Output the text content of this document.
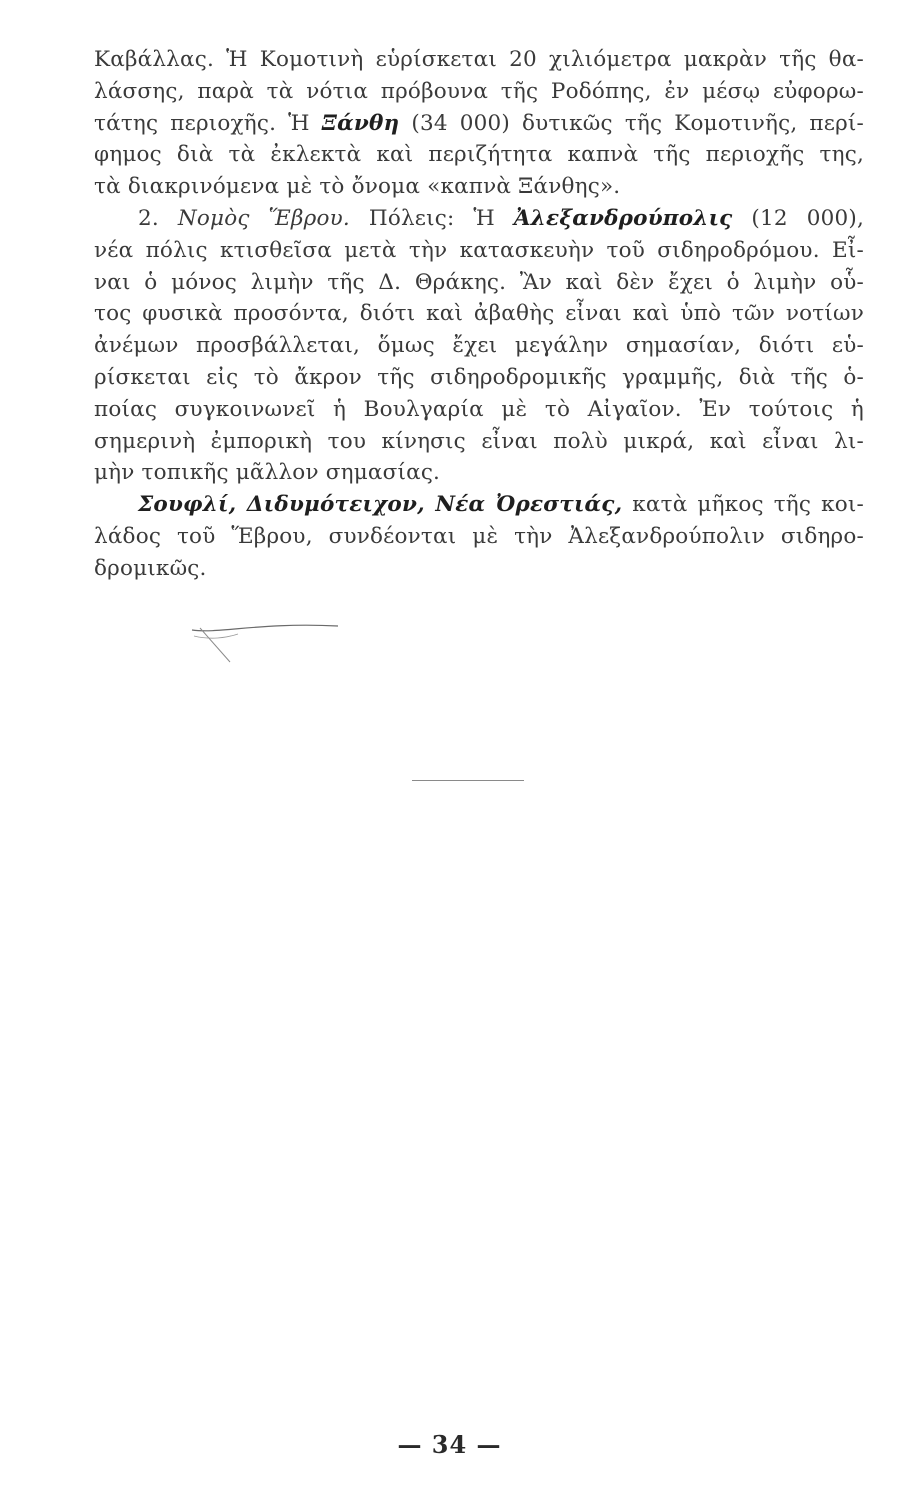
Καβάλλας. Ἡ Κομοτινὴ εὑρίσκεται 20 χιλιόμετρα μακρὰν τῆς θα-
λάσσης, παρὰ τὰ νότια πρόβουνα τῆς Ροδόπης, ἐν μέσῳ εὐφορω-
τάτης περιοχῆς. Ἡ Ξάνθη (34 000) δυτικῶς τῆς Κομοτινῆς, περί-
φημος διὰ τὰ ἐκλεκτὰ καὶ περιζήτητα καπνὰ τῆς περιοχῆς της,
τὰ διακρινόμενα μὲ τὸ ὄνομα «καπνὰ Ξάνθης».
2. Νομὸς Ἕβρου. Πόλεις: Ἡ Ἀλεξανδρούπολις (12 000),
νέα πόλις κτισθεῖσα μετὰ τὴν κατασκευὴν τοῦ σιδηροδρόμου. Εἶ-
ναι ὁ μόνος λιμὴν τῆς Δ. Θράκης. Ἂν καὶ δὲν ἔχει ὁ λιμὴν οὗ-
τος φυσικὰ προσόντα, διότι καὶ ἀβαθὴς εἶναι καὶ ὑπὸ τῶν νοτίων
ἀνέμων προσβάλλεται, ὅμως ἔχει μεγάλην σημασίαν, διότι εὑ-
ρίσκεται εἰς τὸ ἄκρον τῆς σιδηροδρομικῆς γραμμῆς, διὰ τῆς ὁ-
ποίας συγκοινωνεῖ ἡ Βουλγαρία μὲ τὸ Αἰγαῖον. Ἐν τούτοις ἡ
σημερινὴ ἐμπορικὴ του κίνησις εἶναι πολὺ μικρά, καὶ εἶναι λι-
μὴν τοπικῆς μᾶλλον σημασίας.
Σουφλί, Διδυμότειχον, Νέα Ὀρεστιάς, κατὰ μῆκος τῆς κοι-
λάδος τοῦ Ἕβρου, συνδέονται μὲ τὴν Ἀλεξανδρούπολιν σιδηρο-
δρομικῶς.
— 34 —
